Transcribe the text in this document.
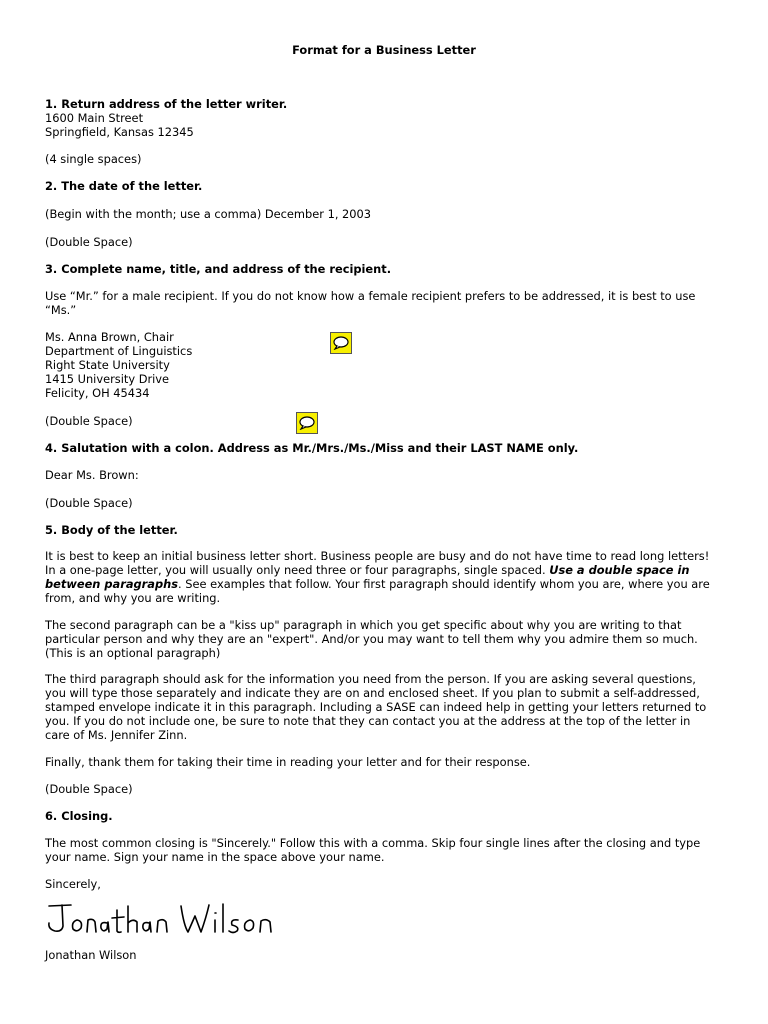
Format for a Business Letter

1. Return address of the letter writer.

1600 Main Street

Springfield, Kansas 12345

(4 single spaces)

2. The date of the letter.

(Begin with the month; use a comma) December 1, 2003

(Double Space)

3. Complete name, title, and address of the recipient.

Use “Mr.” for a male recipient. If you do not know how a female recipient prefers to be addressed, it is best to use

“Ms.”

Ms. Anna Brown, Chair

Department of Linguistics

Right State University

1415 University Drive

Felicity, OH 45434

(Double Space)

4. Salutation with a colon. Address as Mr./Mrs./Ms./Miss and their LAST NAME only.

Dear Ms. Brown:

(Double Space)

5. Body of the letter.

It is best to keep an initial business letter short. Business people are busy and do not have time to read long letters!

In a one-page letter, you will usually only need three or four paragraphs, single spaced. Use a double space in

between paragraphs. See examples that follow. Your first paragraph should identify whom you are, where you are

from, and why you are writing.

The second paragraph can be a "kiss up" paragraph in which you get specific about why you are writing to that

particular person and why they are an "expert". And/or you may want to tell them why you admire them so much.

(This is an optional paragraph)

The third paragraph should ask for the information you need from the person. If you are asking several questions,

you will type those separately and indicate they are on and enclosed sheet. If you plan to submit a self-addressed,

stamped envelope indicate it in this paragraph. Including a SASE can indeed help in getting your letters returned to

you. If you do not include one, be sure to note that they can contact you at the address at the top of the letter in

care of Ms. Jennifer Zinn.

Finally, thank them for taking their time in reading your letter and for their response.

(Double Space)

6. Closing.

The most common closing is "Sincerely." Follow this with a comma. Skip four single lines after the closing and type

your name. Sign your name in the space above your name.

Sincerely,

Jonathan Wilson

Jonathan Wilson
